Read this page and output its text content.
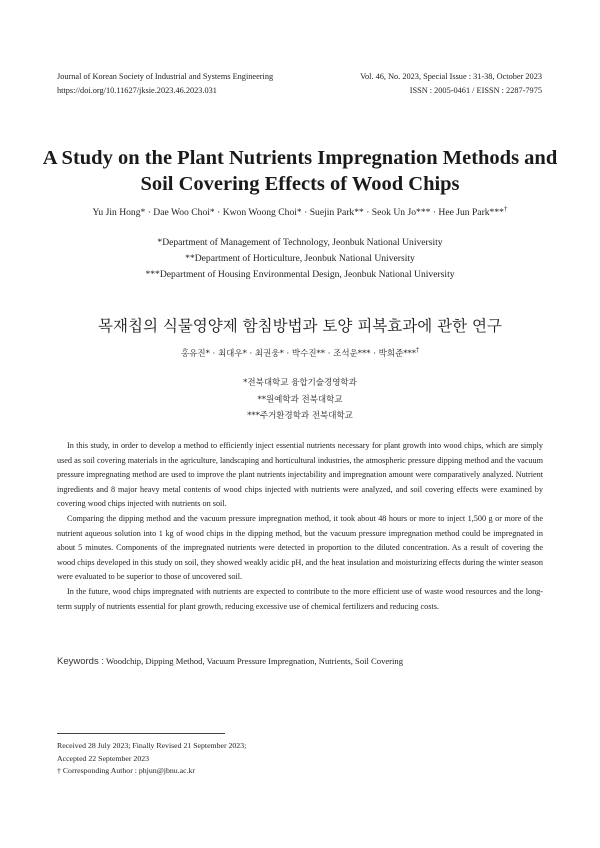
Journal of Korean Society of Industrial and Systems Engineering
https://doi.org/10.11627/jksie.2023.46.2023.031
Vol. 46, No. 2023, Special Issue : 31-38, October 2023
ISSN : 2005-0461 / EISSN : 2287-7975
A Study on the Plant Nutrients Impregnation Methods and
Soil Covering Effects of Wood Chips
Yu Jin Hong* · Dae Woo Choi* · Kwon Woong Choi* · Suejin Park** · Seok Un Jo*** · Hee Jun Park***†
*Department of Management of Technology, Jeonbuk National University
**Department of Horticulture, Jeonbuk National University
***Department of Housing Environmental Design, Jeonbuk National University
목재칩의 식물영양제 함침방법과 토양 피복효과에 관한 연구
홍유진* · 최대우* · 최권웅* · 박수진** · 조석운*** · 박희준***†
*전북대학교 융합기술경영학과
**원예학과 전북대학교
***주거환경학과 전북대학교

In this study, in order to develop a method to efficiently inject essential nutrients necessary for plant growth into wood chips, which are simply used as soil covering materials in the agriculture, landscaping and horticultural industries, the atmospheric pressure dipping method and the vacuum pressure impregnating method are used to improve the plant nutrients injectability and impregnation amount were comparatively analyzed. Nutrient ingredients and 8 major heavy metal contents of wood chips injected with nutrients were analyzed, and soil covering effects were examined by covering wood chips injected with nutrients on soil.

Comparing the dipping method and the vacuum pressure impregnation method, it took about 48 hours or more to inject 1,500 g or more of the nutrient aqueous solution into 1 kg of wood chips in the dipping method, but the vacuum pressure impregnation method could be impregnated in about 5 minutes. Components of the impregnated nutrients were detected in proportion to the diluted concentration. As a result of covering the wood chips developed in this study on soil, they showed weakly acidic pH, and the heat insulation and moisturizing effects during the winter season were evaluated to be superior to those of uncovered soil.

In the future, wood chips impregnated with nutrients are expected to contribute to the more efficient use of waste wood resources and the long-term supply of nutrients essential for plant growth, reducing excessive use of chemical fertilizers and reducing costs.

Keywords : Woodchip, Dipping Method, Vacuum Pressure Impregnation, Nutrients, Soil Covering
Received 28 July 2023; Finally Revised 21 September 2023;
Accepted 22 September 2023
† Corresponding Author : phjun@jbnu.ac.kr
